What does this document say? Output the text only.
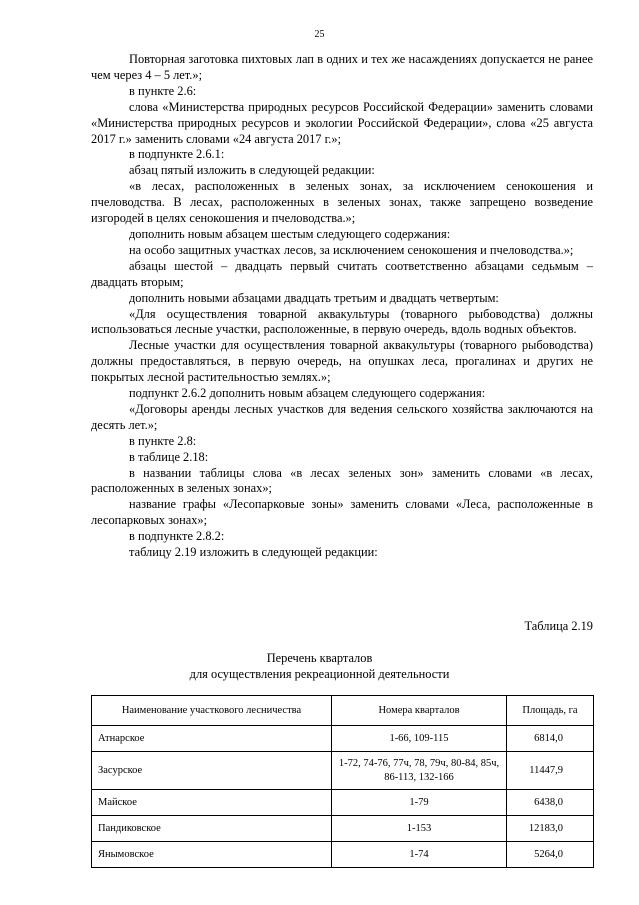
25

Повторная заготовка пихтовых лап в одних и тех же насаждениях допускается не ранее чем через 4 – 5 лет.»;

в пункте 2.6:

слова «Министерства природных ресурсов Российской Федерации» заменить словами «Министерства природных ресурсов и экологии Российской Федерации», слова «25 августа 2017 г.» заменить словами «24 августа 2017 г.»;

в подпункте 2.6.1:

абзац пятый изложить в следующей редакции:

«в лесах, расположенных в зеленых зонах, за исключением сенокошения и пчеловодства. В лесах, расположенных в зеленых зонах, также запрещено возведение изгородей в целях сенокошения и пчеловодства.»;

дополнить новым абзацем шестым следующего содержания:

на особо защитных участках лесов, за исключением сенокошения и пчеловодства.»;

абзацы шестой – двадцать первый считать соответственно абзацами седьмым – двадцать вторым;

дополнить новыми абзацами двадцать третьим и двадцать четвертым:

«Для осуществления товарной аквакультуры (товарного рыбоводства) должны использоваться лесные участки, расположенные, в первую очередь, вдоль водных объектов.

Лесные участки для осуществления товарной аквакультуры (товарного рыбоводства) должны предоставляться, в первую очередь, на опушках леса, прогалинах и других не покрытых лесной растительностью землях.»;

подпункт 2.6.2 дополнить новым абзацем следующего содержания:

«Договоры аренды лесных участков для ведения сельского хозяйства заключаются на десять лет.»;

в пункте 2.8:

в таблице 2.18:

в названии таблицы слова «в лесах зеленых зон» заменить словами «в лесах, расположенных в зеленых зонах»;

название графы «Лесопарковые зоны» заменить словами «Леса, расположенные в лесопарковых зонах»;

в подпункте 2.8.2:

таблицу 2.19 изложить в следующей редакции:

Таблица 2.19
Перечень кварталов
для осуществления рекреационной деятельности
Наименование участкового лесничества	Номера кварталов	Площадь, га
Атнарское	1-66, 109-115	6814,0
Засурское	1-72, 74-76, 77ч, 78, 79ч, 80-84, 85ч, 86-113, 132-166	11447,9
Майское	1-79	6438,0
Пандиковское	1-153	12183,0
Янымовское	1-74	5264,0
